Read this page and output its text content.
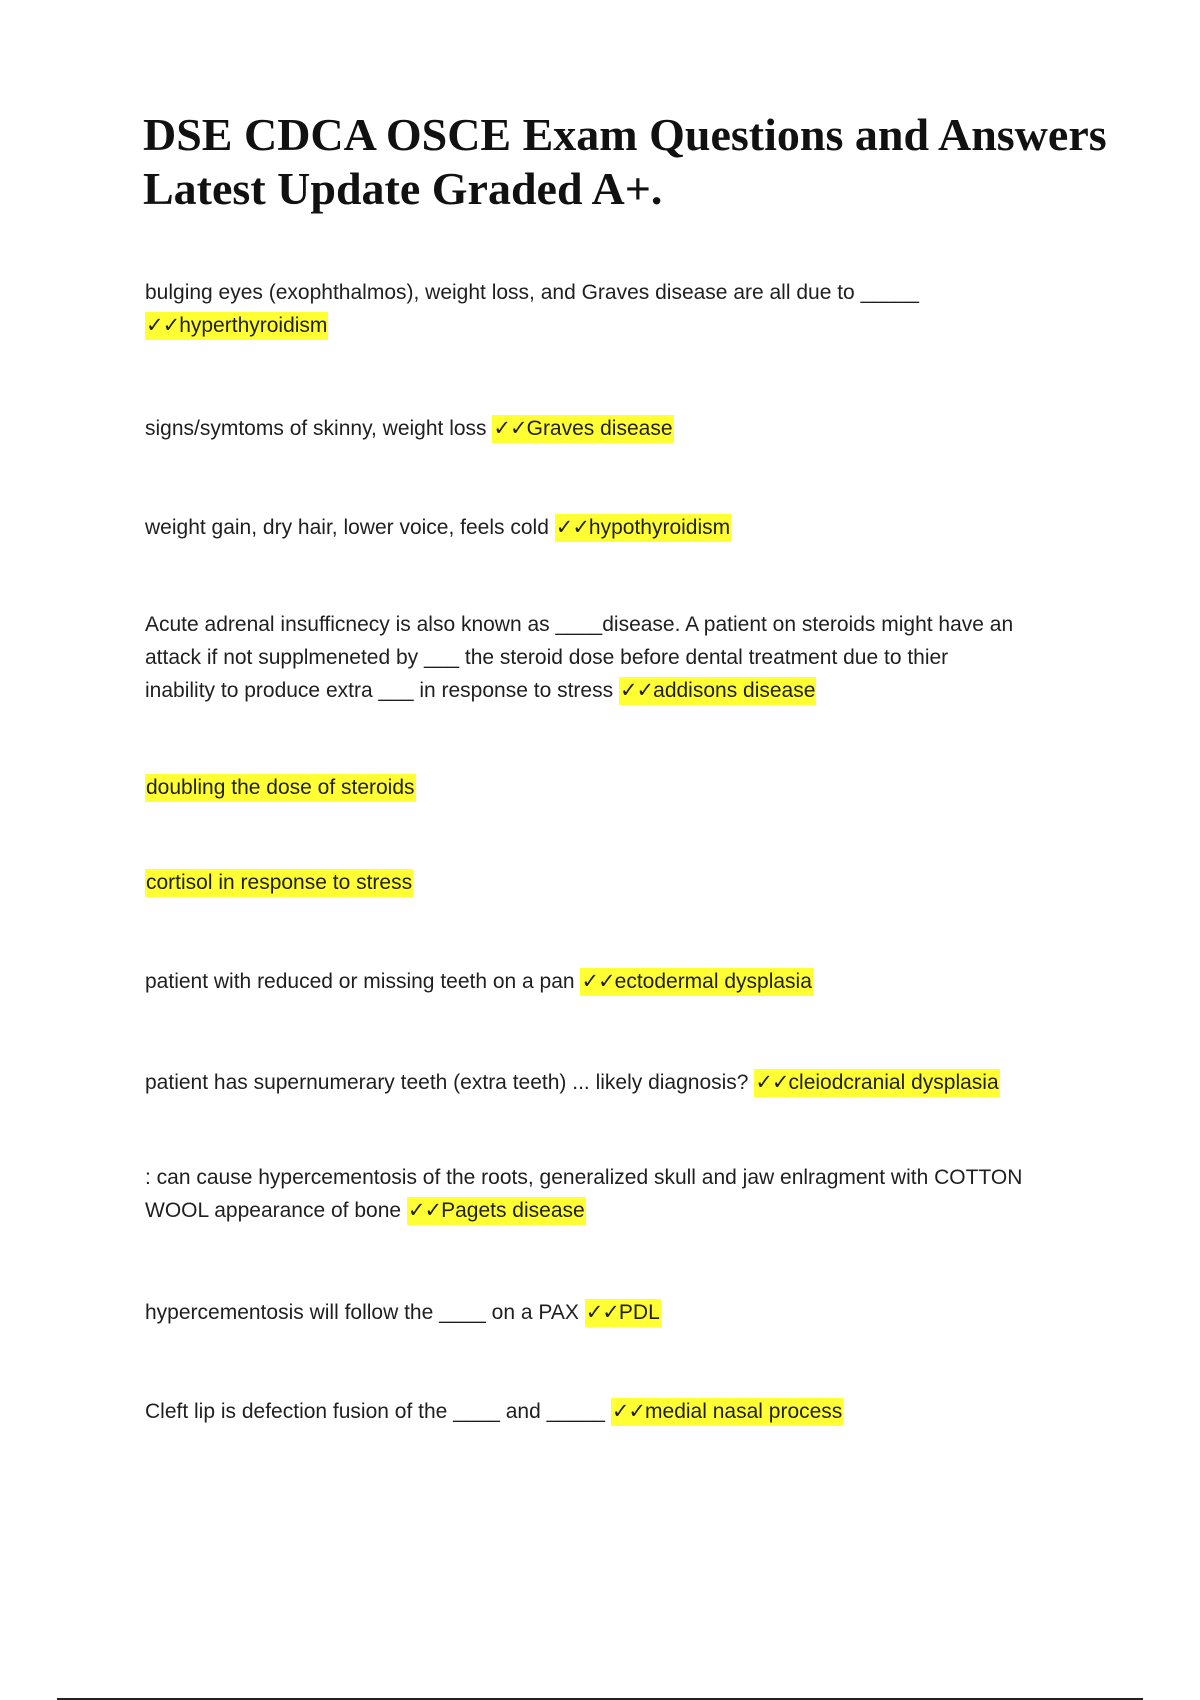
DSE CDCA OSCE Exam Questions and Answers
Latest Update Graded A+.
bulging eyes (exophthalmos), weight loss, and Graves disease are all due to _____
✓✓hyperthyroidism
signs/symtoms of skinny, weight loss ✓✓Graves disease
weight gain, dry hair, lower voice, feels cold ✓✓hypothyroidism
Acute adrenal insufficnecy is also known as ____disease. A patient on steroids might have an
attack if not supplmeneted by ___ the steroid dose before dental treatment due to thier
inability to produce extra ___ in response to stress ✓✓addisons disease
doubling the dose of steroids
cortisol in response to stress
patient with reduced or missing teeth on a pan ✓✓ectodermal dysplasia
patient has supernumerary teeth (extra teeth) ... likely diagnosis? ✓✓cleiodcranial dysplasia
: can cause hypercementosis of the roots, generalized skull and jaw enlragment with COTTON
WOOL appearance of bone ✓✓Pagets disease
hypercementosis will follow the ____ on a PAX ✓✓PDL
Cleft lip is defection fusion of the ____ and _____ ✓✓medial nasal process
